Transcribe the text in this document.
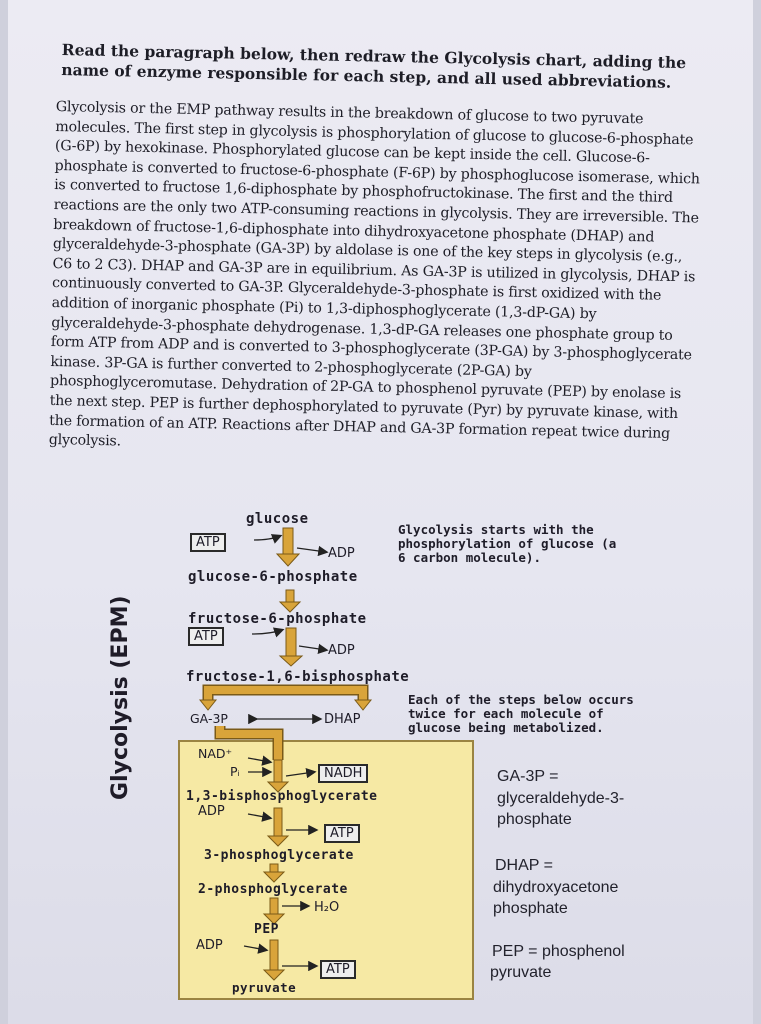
Read the paragraph below, then redraw the Glycolysis chart, adding the name of enzyme responsible for each step, and all used abbreviations.
Glycolysis or the EMP pathway results in the breakdown of glucose to two pyruvate molecules. The first step in glycolysis is phosphorylation of glucose to glucose-6-phosphate (G-6P) by hexokinase. Phosphorylated glucose can be kept inside the cell. Glucose-6-phosphate is converted to fructose-6-phosphate (F-6P) by phosphoglucose isomerase, which is converted to fructose 1,6-diphosphate by phosphofructokinase. The first and the third reactions are the only two ATP-consuming reactions in glycolysis. They are irreversible. The breakdown of fructose-1,6-diphosphate into dihydroxyacetone phosphate (DHAP) and glyceraldehyde-3-phosphate (GA-3P) by aldolase is one of the key steps in glycolysis (e.g., C6 to 2 C3). DHAP and GA-3P are in equilibrium. As GA-3P is utilized in glycolysis, DHAP is continuously converted to GA-3P. Glyceraldehyde-3-phosphate is first oxidized with the addition of inorganic phosphate (Pi) to 1,3-diphosphoglycerate (1,3-dP-GA) by glyceraldehyde-3-phosphate dehydrogenase. 1,3-dP-GA releases one phosphate group to form ATP from ADP and is converted to 3-phosphoglycerate (3P-GA) by 3-phosphoglycerate kinase. 3P-GA is further converted to 2-phosphoglycerate (2P-GA) by phosphoglyceromutase. Dehydration of 2P-GA to phosphenol pyruvate (PEP) by enolase is the next step. PEP is further dephosphorylated to pyruvate (Pyr) by pyruvate kinase, with the formation of an ATP. Reactions after DHAP and GA-3P formation repeat twice during glycolysis.
Glycolysis (EPM)
glucose
ATP
ADP
glucose-6-phosphate
Glycolysis starts with the phosphorylation of glucose (a 6 carbon molecule).
fructose-6-phosphate
ATP
ADP
fructose-1,6-bisphosphate
Each of the steps below occurs twice for each molecule of glucose being metabolized.
GA-3P	DHAP
NAD⁺
Pᵢ	NADH
1,3-bisphosphoglycerate
ADP
ATP
3-phosphoglycerate
2-phosphoglycerate
H₂O
PEP
ADP
ATP
pyruvate
GA-3P =
glyceraldehyde-3-phosphate
DHAP =
dihydroxyacetone phosphate
PEP = phosphenol
pyruvate
